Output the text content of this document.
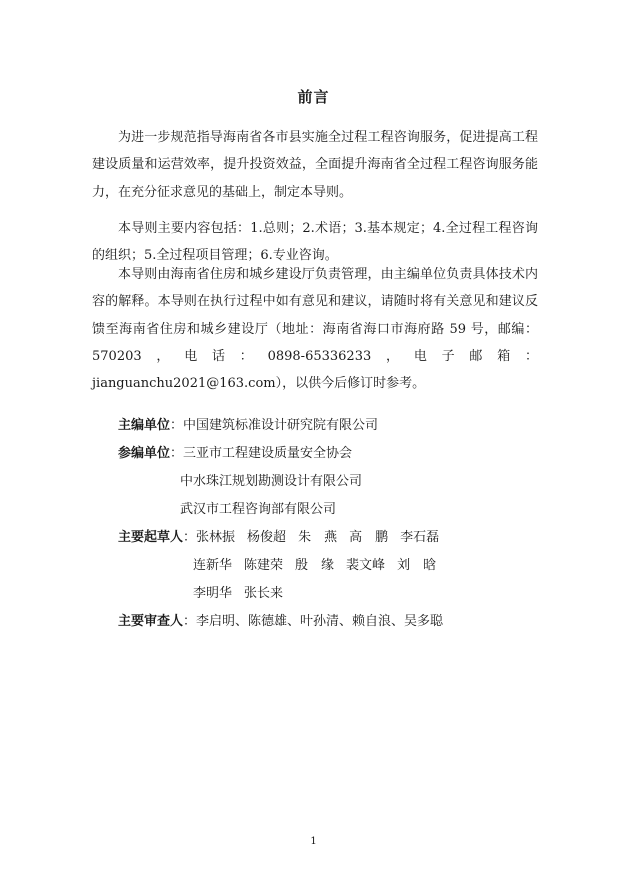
前言

为进一步规范指导海南省各市县实施全过程工程咨询服务，促进提高工程建设质量和运营效率，提升投资效益，全面提升海南省全过程工程咨询服务能力，在充分征求意见的基础上，制定本导则。

本导则主要内容包括：1.总则；2.术语；3.基本规定；4.全过程工程咨询的组织；5.全过程项目管理；6.专业咨询。

本导则由海南省住房和城乡建设厅负责管理，由主编单位负责具体技术内容的解释。本导则在执行过程中如有意见和建议，请随时将有关意见和建议反馈至海南省住房和城乡建设厅（地址：海南省海口市海府路 59 号，邮编：570203，电话：0898-65336233，电子邮箱：jianguanchu2021@163.com），以供今后修订时参考。

主编单位：中国建筑标准设计研究院有限公司
参编单位：三亚市工程建设质量安全协会
中水珠江规划勘测设计有限公司
武汉市工程咨询部有限公司
主要起草人：张林振 杨俊超 朱　燕 高　鹏 李石磊
连新华 陈建荣 殷　缘 裴文峰 刘　晗
李明华 张长来
主要审查人：李启明、陈德雄、叶孙清、赖自浪、吴多聪
1
